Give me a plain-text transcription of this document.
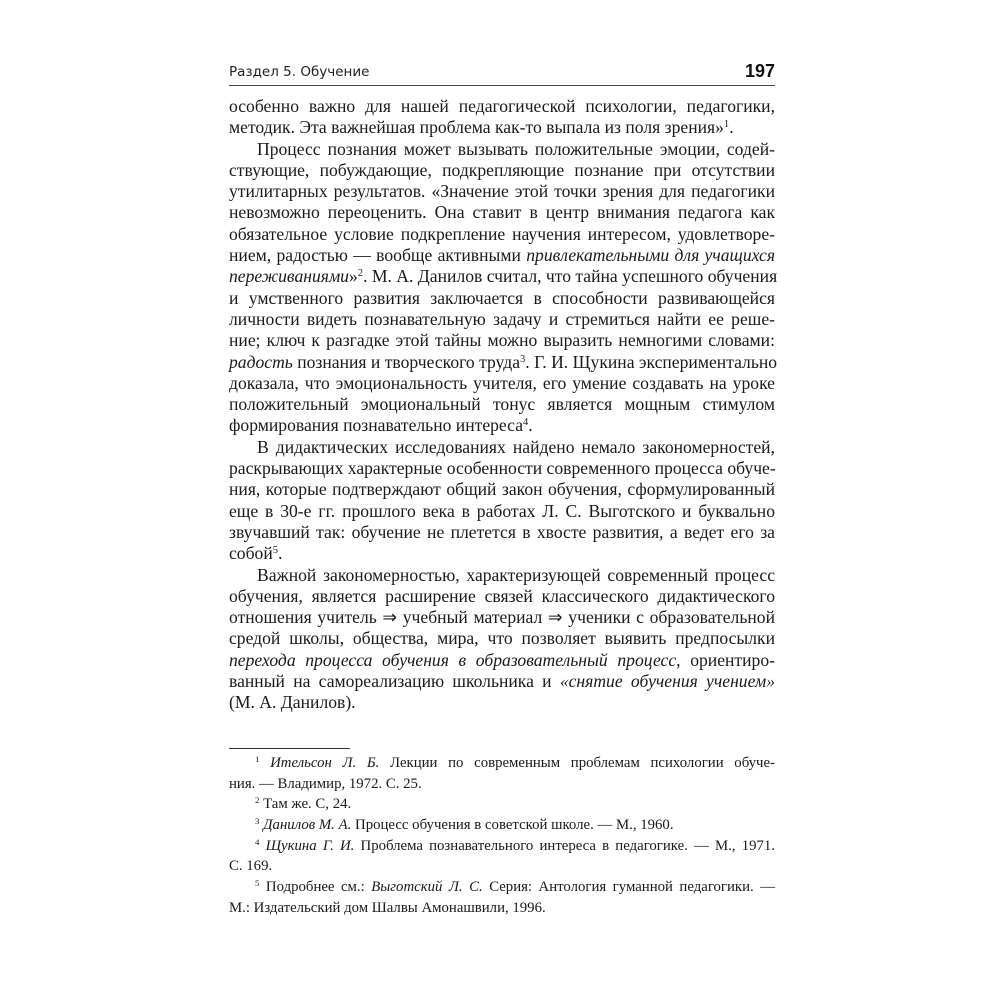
Раздел 5. Обучение	197
особенно важно для нашей педагогической психологии, педагогики,
методик. Эта важнейшая проблема как-то выпала из поля зрения»$^1$.
Процесс познания может вызывать положительные эмоции, содей-
ствующие, побуждающие, подкрепляющие познание при отсутствии
утилитарных результатов. «Значение этой точки зрения для педагогики
невозможно переоценить. Она ставит в центр внимания педагога как
обязательное условие подкрепление научения интересом, удовлетворе-
нием, радостью — вообще активными привлекательными для учащихся
переживаниями»$^2$. М. А. Данилов считал, что тайна успешного обучения
и умственного развития заключается в способности развивающейся
личности видеть познавательную задачу и стремиться найти ее реше-
ние; ключ к разгадке этой тайны можно выразить немногими словами:
радость познания и творческого труда$^3$. Г. И. Щукина экспериментально
доказала, что эмоциональность учителя, его умение создавать на уроке
положительный эмоциональный тонус является мощным стимулом
формирования познавательно интереса$^4$.
В дидактических исследованиях найдено немало закономерностей,
раскрывающих характерные особенности современного процесса обуче-
ния, которые подтверждают общий закон обучения, сформулированный
еще в 30-е гг. прошлого века в работах Л. С. Выготского и буквально
звучавший так: обучение не плетется в хвосте развития, а ведет его за
собой$^5$.
Важной закономерностью, характеризующей современный процесс
обучения, является расширение связей классического дидактического
отношения учитель ⇒ учебный материал ⇒ ученики с образовательной
средой школы, общества, мира, что позволяет выявить предпосылки
перехода процесса обучения в образовательный процесс, ориентиро-
ванный на самореализацию школьника и «снятие обучения учением»
(М. А. Данилов).
$^1$ Ительсон Л. Б. Лекции по современным проблемам психологии обуче-
ния. — Владимир, 1972. С. 25.
$^2$ Там же. С, 24.
$^3$ Данилов М. А. Процесс обучения в советской школе. — М., 1960.
$^4$ Щукина Г. И. Проблема познавательного интереса в педагогике. — М., 1971.
С. 169.
$^5$ Подробнее см.: Выготский Л. С. Серия: Антология гуманной педагогики. —
М.: Издательский дом Шалвы Амонашвили, 1996.
